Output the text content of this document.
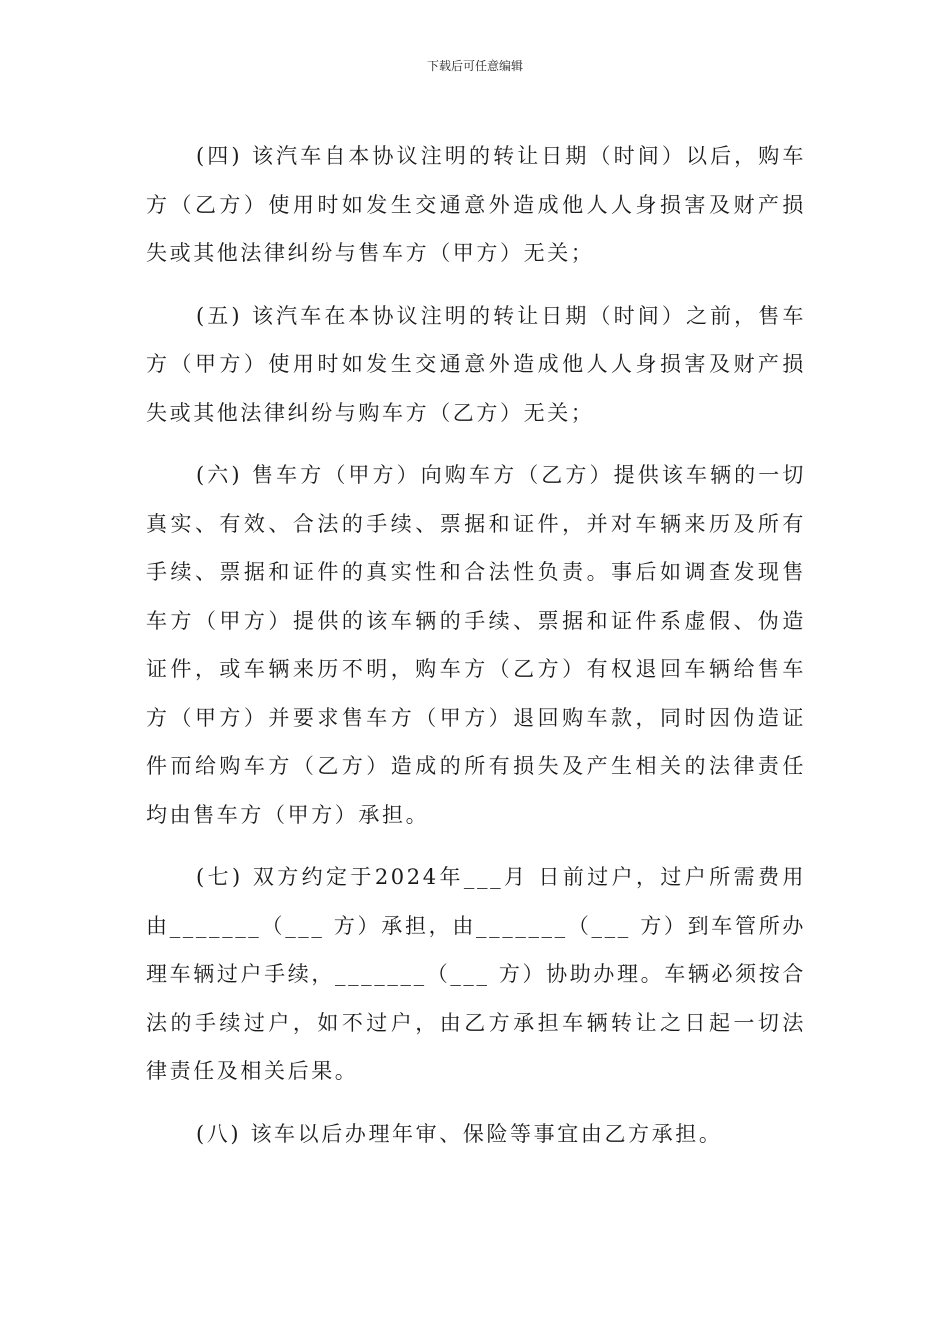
下载后可任意编辑

(四) 该汽车自本协议注明的转让日期（时间）以后，购车方（乙方）使用时如发生交通意外造成他人人身损害及财产损失或其他法律纠纷与售车方（甲方）无关；

(五) 该汽车在本协议注明的转让日期（时间）之前，售车方（甲方）使用时如发生交通意外造成他人人身损害及财产损失或其他法律纠纷与购车方（乙方）无关；

(六) 售车方（甲方）向购车方（乙方）提供该车辆的一切真实、有效、合法的手续、票据和证件，并对车辆来历及所有手续、票据和证件的真实性和合法性负责。事后如调查发现售车方（甲方）提供的该车辆的手续、票据和证件系虚假、伪造证件，或车辆来历不明，购车方（乙方）有权退回车辆给售车方（甲方）并要求售车方（甲方）退回购车款，同时因伪造证件而给购车方（乙方）造成的所有损失及产生相关的法律责任均由售车方（甲方）承担。

(七) 双方约定于2024年___月 日前过户，过户所需费用由_______（___ 方）承担，由_______（___ 方）到车管所办理车辆过户手续，_______（___ 方）协助办理。车辆必须按合法的手续过户，如不过户，由乙方承担车辆转让之日起一切法律责任及相关后果。

(八) 该车以后办理年审、保险等事宜由乙方承担。
